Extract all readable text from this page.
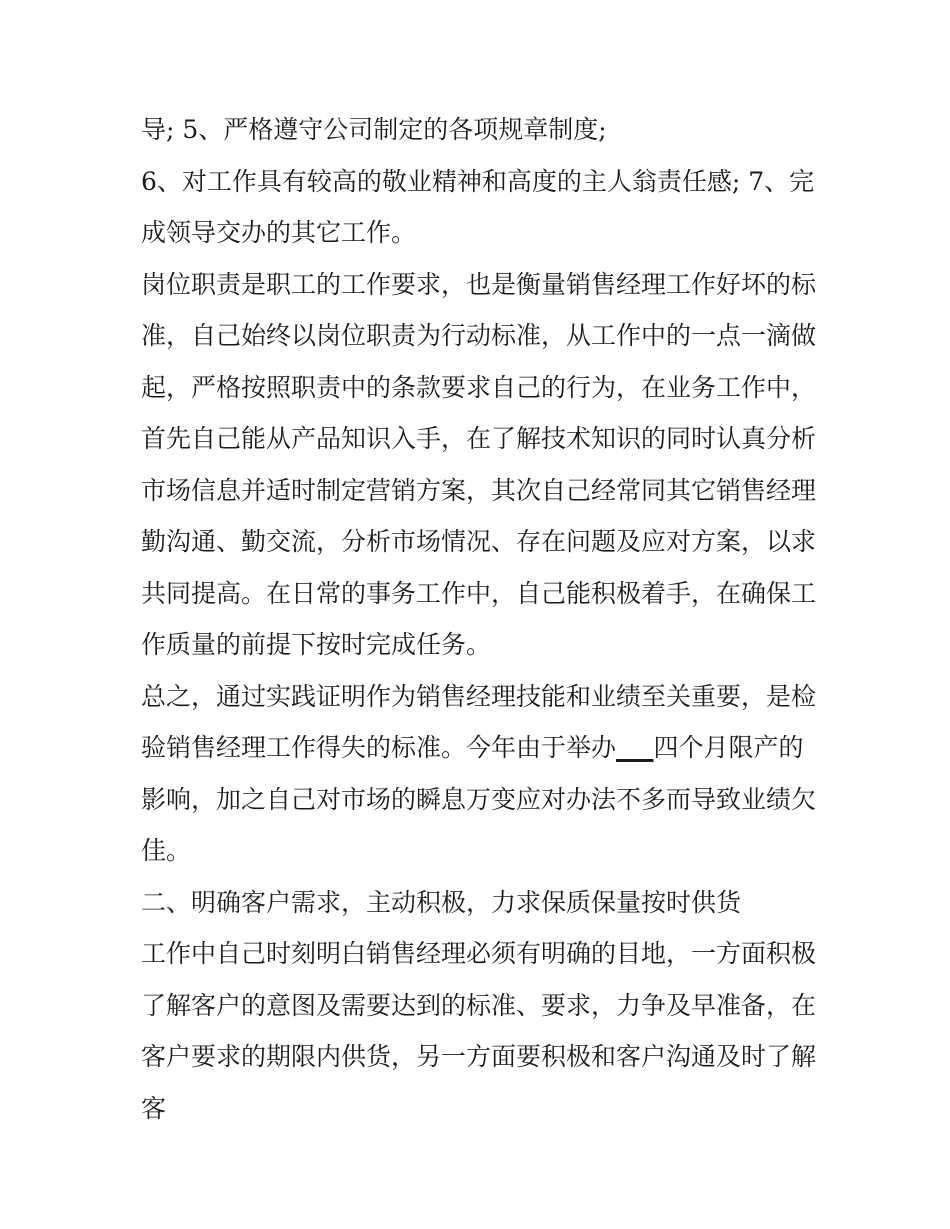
导; 5、严格遵守公司制定的各项规章制度;
6、对工作具有较高的敬业精神和高度的主人翁责任感; 7、完
成领导交办的其它工作。
岗位职责是职工的工作要求，也是衡量销售经理工作好坏的标
准，自己始终以岗位职责为行动标准，从工作中的一点一滴做
起，严格按照职责中的条款要求自己的行为，在业务工作中，
首先自己能从产品知识入手，在了解技术知识的同时认真分析
市场信息并适时制定营销方案，其次自己经常同其它销售经理
勤沟通、勤交流，分析市场情况、存在问题及应对方案，以求
共同提高。在日常的事务工作中，自己能积极着手，在确保工
作质量的前提下按时完成任务。
总之，通过实践证明作为销售经理技能和业绩至关重要，是检
验销售经理工作得失的标准。今年由于举办___四个月限产的
影响，加之自己对市场的瞬息万变应对办法不多而导致业绩欠
佳。
二、明确客户需求，主动积极，力求保质保量按时供货
工作中自己时刻明白销售经理必须有明确的目地，一方面积极
了解客户的意图及需要达到的标准、要求，力争及早准备，在
客户要求的期限内供货，另一方面要积极和客户沟通及时了解
客
